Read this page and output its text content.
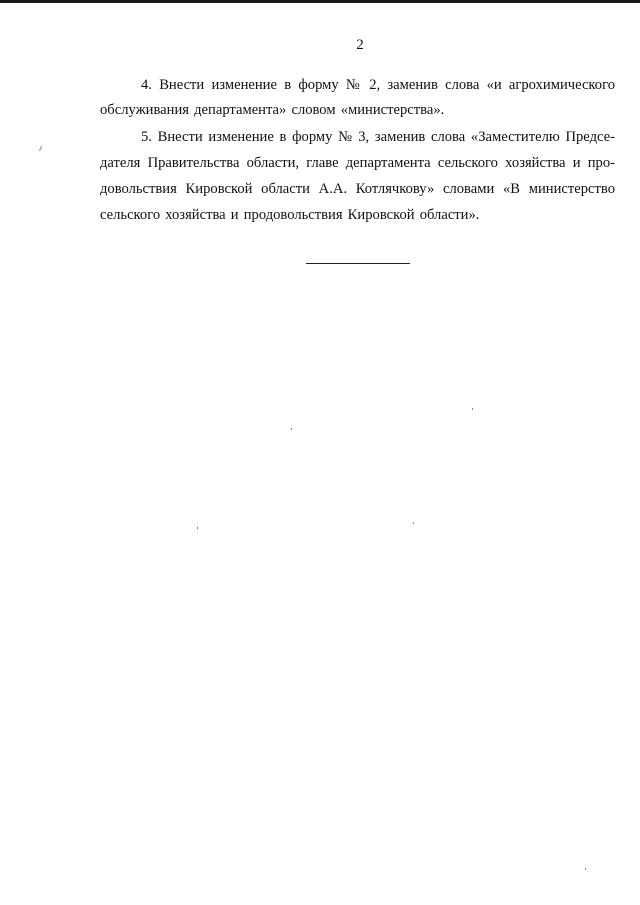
2
4. Внести изменение в форму № 2, заменив слова «и агрохимического
обслуживания департамента» словом «министерства».
5. Внести изменение в форму № 3, заменив слова «Заместителю Предсе-
дателя Правительства области, главе департамента сельского хозяйства и про-
довольствия Кировской области А.А. Котлячкову» словами «В министерство
сельского хозяйства и продовольствия Кировской области».
